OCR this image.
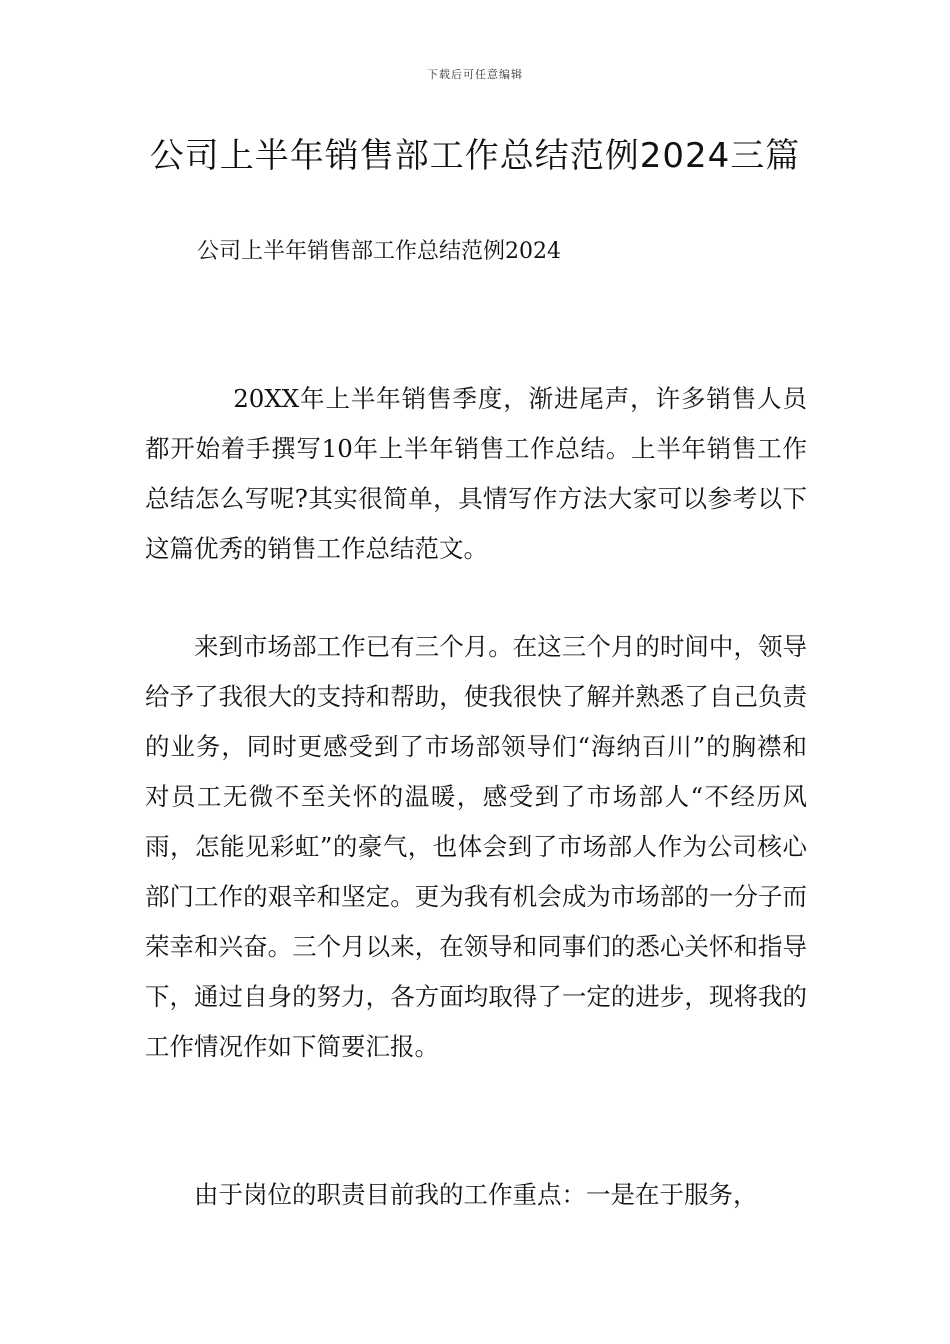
下载后可任意编辑
公司上半年销售部工作总结范例2024三篇

公司上半年销售部工作总结范例2024

20XX年上半年销售季度，渐进尾声，许多销售人员都开始着手撰写10年上半年销售工作总结。上半年销售工作总结怎么写呢?其实很简单，具情写作方法大家可以参考以下这篇优秀的销售工作总结范文。

来到市场部工作已有三个月。在这三个月的时间中，领导给予了我很大的支持和帮助，使我很快了解并熟悉了自己负责的业务，同时更感受到了市场部领导们“海纳百川”的胸襟和对员工无微不至关怀的温暖，感受到了市场部人“不经历风雨，怎能见彩虹”的豪气，也体会到了市场部人作为公司核心部门工作的艰辛和坚定。更为我有机会成为市场部的一分子而荣幸和兴奋。三个月以来，在领导和同事们的悉心关怀和指导下，通过自身的努力，各方面均取得了一定的进步，现将我的工作情况作如下简要汇报。

由于岗位的职责目前我的工作重点：一是在于服务，
